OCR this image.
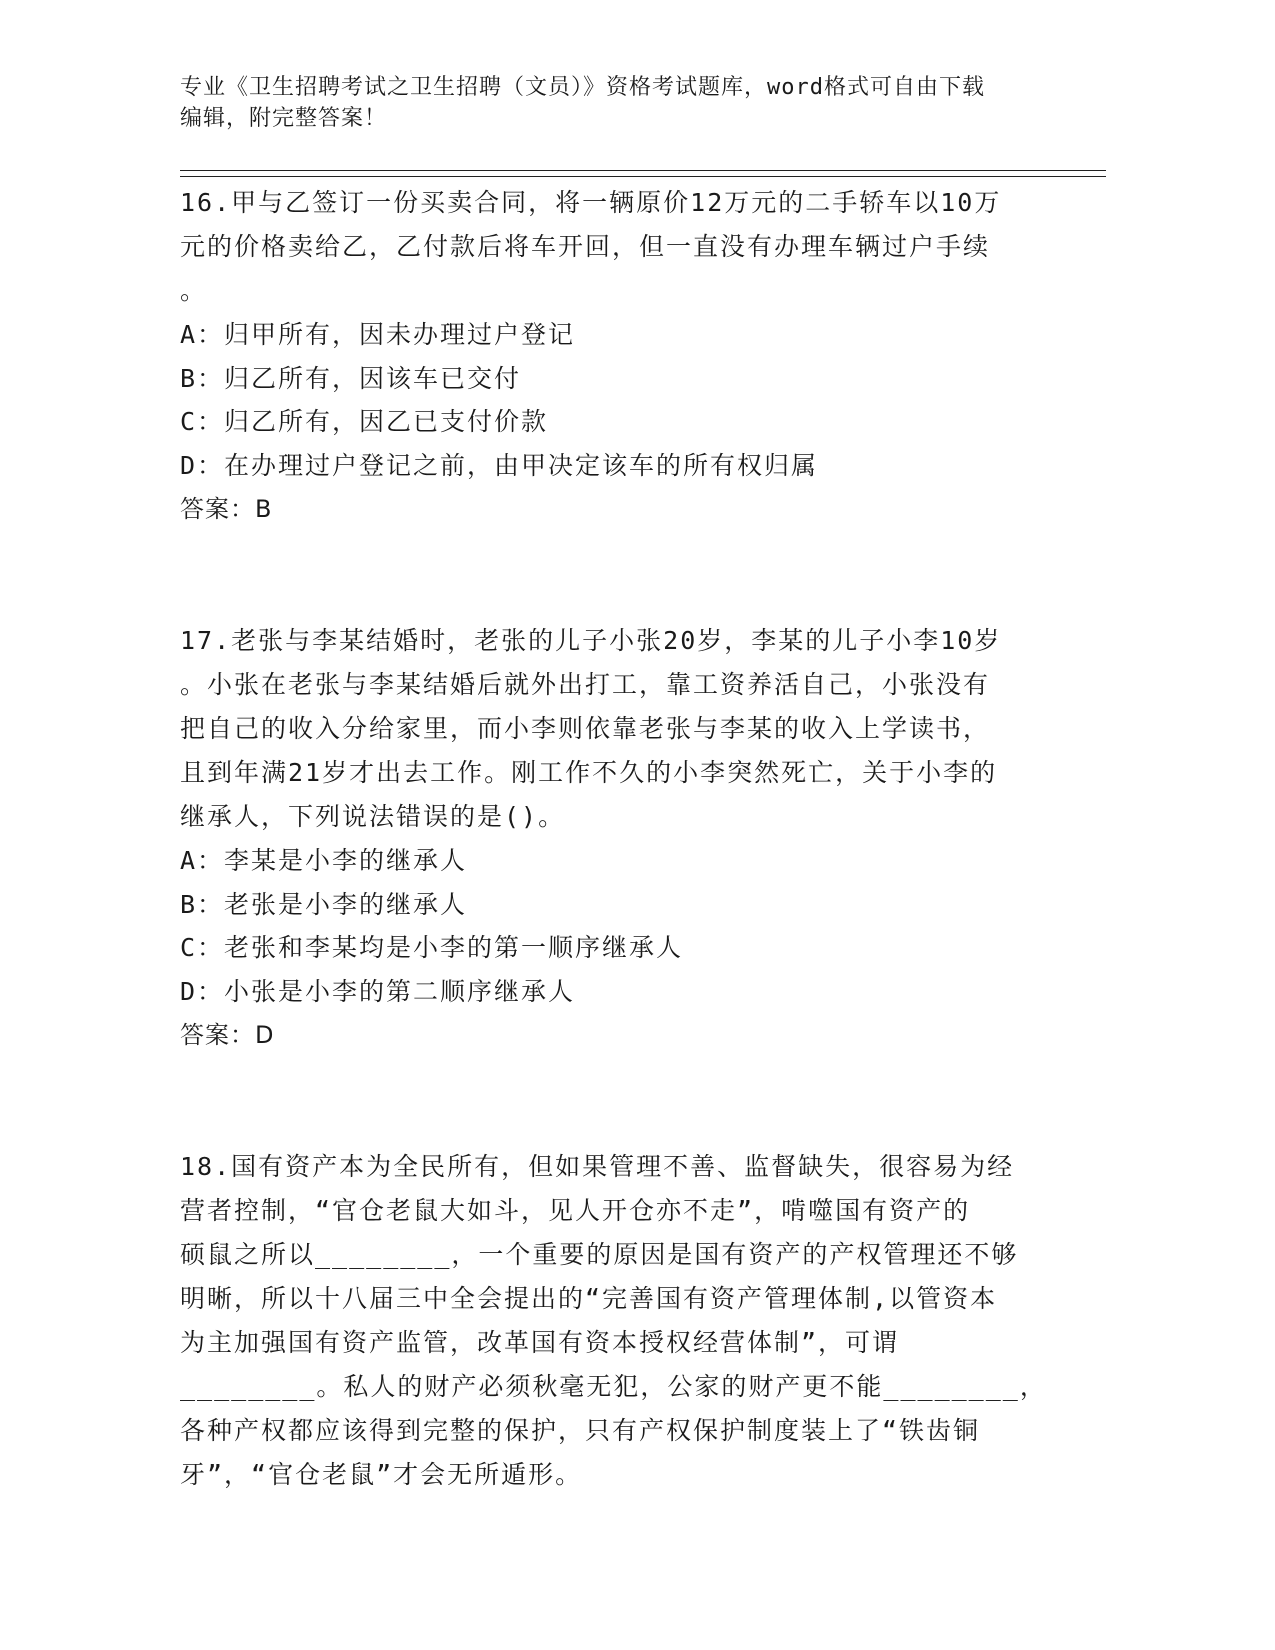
专业《卫生招聘考试之卫生招聘（文员）》资格考试题库，word格式可自由下载

编辑，附完整答案！

16.甲与乙签订一份买卖合同，将一辆原价12万元的二手轿车以10万

元的价格卖给乙，乙付款后将车开回，但一直没有办理车辆过户手续

。

A：归甲所有，因未办理过户登记

B：归乙所有，因该车已交付

C：归乙所有，因乙已支付价款

D：在办理过户登记之前，由甲决定该车的所有权归属

答案：B

17.老张与李某结婚时，老张的儿子小张20岁，李某的儿子小李10岁

。小张在老张与李某结婚后就外出打工，靠工资养活自己，小张没有

把自己的收入分给家里，而小李则依靠老张与李某的收入上学读书，

且到年满21岁才出去工作。刚工作不久的小李突然死亡，关于小李的

继承人，下列说法错误的是()。

A：李某是小李的继承人

B：老张是小李的继承人

C：老张和李某均是小李的第一顺序继承人

D：小张是小李的第二顺序继承人

答案：D

18.国有资产本为全民所有，但如果管理不善、监督缺失，很容易为经

营者控制，“官仓老鼠大如斗，见人开仓亦不走”，啃噬国有资产的

硕鼠之所以________，一个重要的原因是国有资产的产权管理还不够

明晰，所以十八届三中全会提出的“完善国有资产管理体制,以管资本

为主加强国有资产监管，改革国有资本授权经营体制”，可谓

________。私人的财产必须秋毫无犯，公家的财产更不能________，

各种产权都应该得到完整的保护，只有产权保护制度装上了“铁齿铜

牙”，“官仓老鼠”才会无所遁形。
